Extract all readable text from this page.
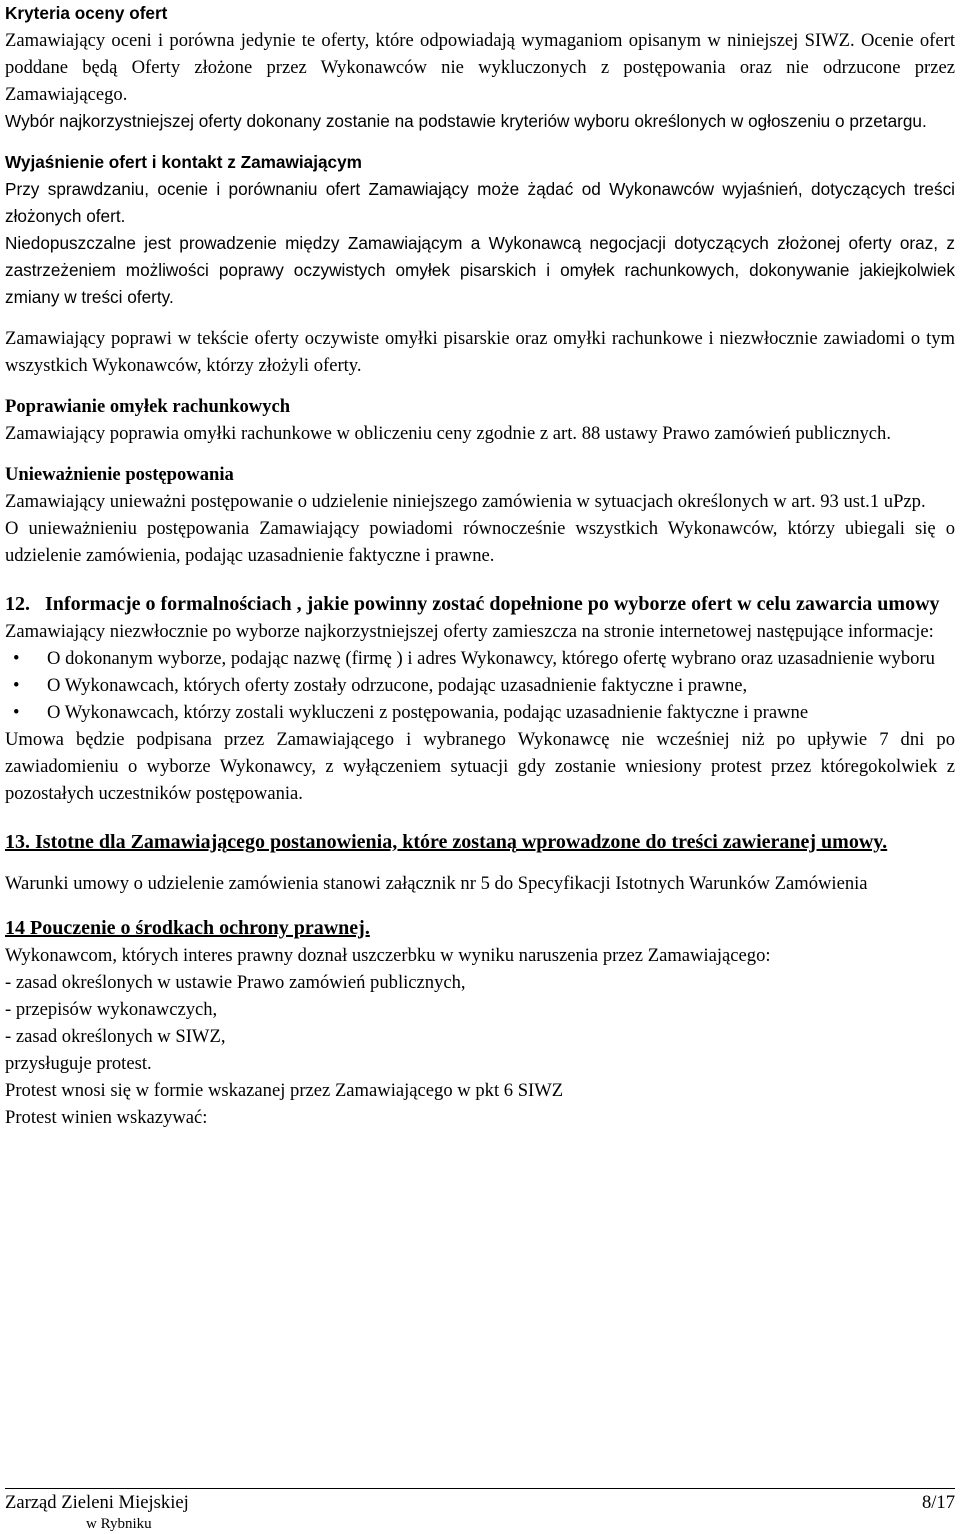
Kryteria oceny ofert

Zamawiający oceni i porówna jedynie te oferty, które odpowiadają wymaganiom opisanym w niniejszej SIWZ. Ocenie ofert poddane będą Oferty złożone przez Wykonawców nie wykluczonych z postępowania oraz nie odrzucone przez Zamawiającego.

Wybór najkorzystniejszej oferty dokonany zostanie na podstawie kryteriów wyboru określonych w ogłoszeniu o przetargu.

Wyjaśnienie ofert i kontakt z Zamawiającym

Przy sprawdzaniu, ocenie i porównaniu ofert Zamawiający może żądać od Wykonawców wyjaśnień, dotyczących treści złożonych ofert.

Niedopuszczalne jest prowadzenie między Zamawiającym a Wykonawcą negocjacji dotyczących złożonej oferty oraz, z zastrzeżeniem możliwości poprawy oczywistych omyłek pisarskich i omyłek rachunkowych, dokonywanie jakiejkolwiek zmiany w treści oferty.

Zamawiający poprawi w tekście oferty oczywiste omyłki pisarskie oraz omyłki rachunkowe i niezwłocznie zawiadomi o tym wszystkich Wykonawców, którzy złożyli oferty.

Poprawianie omyłek rachunkowych

Zamawiający poprawia omyłki rachunkowe w obliczeniu ceny zgodnie z art. 88 ustawy Prawo zamówień publicznych.

Unieważnienie postępowania

Zamawiający unieważni postępowanie o udzielenie niniejszego zamówienia w sytuacjach określonych w art. 93 ust.1 uPzp.

O unieważnieniu postępowania Zamawiający powiadomi równocześnie wszystkich Wykonawców, którzy ubiegali się o udzielenie zamówienia, podając uzasadnienie faktyczne i prawne.

12. Informacje o formalnościach , jakie powinny zostać dopełnione po wyborze ofert w celu zawarcia umowy

Zamawiający niezwłocznie po wyborze najkorzystniejszej oferty zamieszcza na stronie internetowej następujące informacje:

• O dokonanym wyborze, podając nazwę (firmę ) i adres Wykonawcy, którego ofertę wybrano oraz uzasadnienie wyboru
• O Wykonawcach, których oferty zostały odrzucone, podając uzasadnienie faktyczne i prawne,
• O Wykonawcach, którzy zostali wykluczeni z postępowania, podając uzasadnienie faktyczne i prawne

Umowa będzie podpisana przez Zamawiającego i wybranego Wykonawcę nie wcześniej niż po upływie 7 dni po zawiadomieniu o wyborze Wykonawcy, z wyłączeniem sytuacji gdy zostanie wniesiony protest przez któregokolwiek z pozostałych uczestników postępowania.

13. Istotne dla Zamawiającego postanowienia, które zostaną wprowadzone do treści zawieranej umowy.

Warunki umowy o udzielenie zamówienia stanowi załącznik nr 5 do Specyfikacji Istotnych Warunków Zamówienia

14 Pouczenie o środkach ochrony prawnej.

Wykonawcom, których interes prawny doznał uszczerbku w wyniku naruszenia przez Zamawiającego:

- zasad określonych w ustawie Prawo zamówień publicznych,

- przepisów wykonawczych,

- zasad określonych w SIWZ,

przysługuje protest.

Protest wnosi się w formie wskazanej przez Zamawiającego w pkt 6 SIWZ

Protest winien wskazywać:

Zarząd Zieleni Miejskiej	8/17
w Rybniku
